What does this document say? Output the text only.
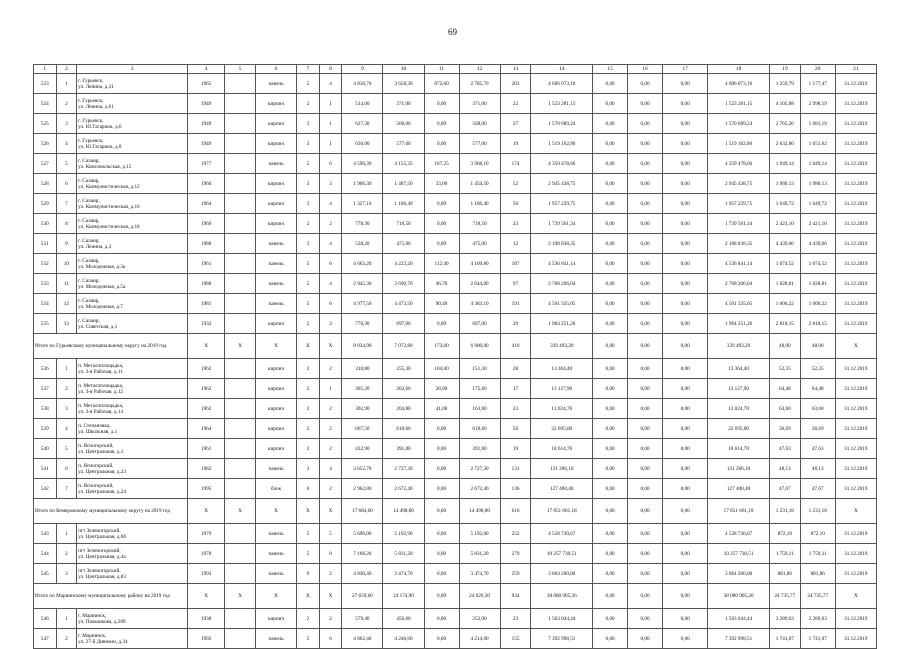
69
1	2	3	4	5	6	7	8	9	10	11	12	13	14	15	16	17	18	19	20	21
523	1	г. Гурьевск,
ул. Ленина, д.31	1965		панель	5	4	4 818,70	3 658,30	872,60	2 785,70	203	4 606 073,16	0,00	0,00	0,00	4 606 073,16	1 259,79	1 177,47	31.12.2019
524	2	г. Гурьевск,
ул. Ленина, д.61	1949		кирпич	2	1	514,60	371,00	0,00	371,00	22	1 523 281,15	0,00	0,00	0,00	1 523 281,15	4 105,88	2 998,19	31.12.2019
525	3	г. Гурьевск,
ул. Ю.Гагарина, д.6	1949		кирпич	3	1	627,30	568,00	0,00	568,00	27	1 570 689,24	0,00	0,00	0,00	1 570 689,24	2 765,26	1 681,19	31.12.2019
526	4	г. Гурьевск,
ул. Ю.Гагарина, д.8	1949		кирпич	3	1	636,00	577,00	0,00	577,00	19	1 519 162,86	0,00	0,00	0,00	1 519 162,86	2 632,86	1 651,62	31.12.2019
527	5	г. Салаир,
ул. Комсомольская, д.15	1977		панель	5	6	4 598,39	4 155,35	187,25	3 968,10	174	4 359 478,66	0,00	0,00	0,00	4 359 478,66	1 049,14	1 049,14	31.12.2019
528	6	г. Салаир,
ул. Коммунистическая, д.12	1960		кирпич	3	3	1 906,30	1 487,50	33,00	1 454,50	52	2 945 438,75	0,00	0,00	0,00	2 945 438,75	1 980,13	1 980,13	31.12.2019
529	7	г. Салаир,
ул. Коммунистическая, д.16	1964		кирпич	3	4	1 327,10	1 186,40	0,00	1 186,40	50	1 957 229,75	0,00	0,00	0,00	1 957 229,75	1 649,72	1 649,72	31.12.2019
530	8	г. Салаир,
ул. Коммунистическая, д.18	1969		кирпич	2	2	778,30	718,50	0,00	718,50	23	1 739 561,34	0,00	0,00	0,00	1 739 561,34	2 421,10	2 421,10	31.12.2019
531	9	г. Салаир,
ул. Ленина, д.3	1980		панель	3	4	538,20	475,00	0,00	475,00	12	2 108 838,35	0,00	0,00	0,00	2 108 838,35	4 439,66	4 439,66	31.12.2019
532	10	г. Салаир,
ул. Молодежная, д.3а	1961		панель	5	6	4 663,20	4 222,20	112,40	4 109,80	187	4 536 841,14	0,00	0,00	0,00	4 536 841,14	1 074,52	1 074,52	31.12.2019
533	11	г. Салаир,
ул. Молодежная, д.5а	1980		панель	5	4	2 942,30	2 690,70	46,70	2 644,00	97	2 768 206,04	0,00	0,00	0,00	2 768 206,04	1 028,81	1 028,81	31.12.2019
534	12	г. Салаир,
ул. Молодежная, д.7	1981		панель	5	6	4 977,50	4 473,50	90,40	4 383,10	191	4 501 335,05	0,00	0,00	0,00	4 501 335,05	1 006,22	1 006,22	31.12.2019
535	13	г. Салаир,
ул. Советская, д.1	1932		кирпич	2	3	770,30	697,00	0,00	697,00	29	1 964 251,26	0,00	0,00	0,00	1 964 251,26	2 818,15	2 818,15	31.12.2019
Итого по Гурьевскому муниципальному округу на 2019 год			X	X	X	X	X	8 034,90	7 072,80	173,00	6 900,00	410	339 493,20	0,00	0,00	0,00	339 493,20	48,00	48,00	X
536	1	п. Металлплощадка,
ул. 3-я Рабочая, д.11	1962		кирпич	2	2	310,80	255,30	104,00	151,30	28	13 364,40	0,00	0,00	0,00	13 364,40	52,35	52,35	31.12.2019
537	2	п. Металлплощадка,
ул. 3-я Рабочая, д.12	1962		кирпич	2	1	305,20	203,60	28,00	175,60	17	13 127,90	0,00	0,00	0,00	13 127,90	64,48	64,48	31.12.2019
538	3	п. Металлплощадка,
ул. 3-я Рабочая, д.14	1962		кирпич	2	2	302,90	204,80	41,00	163,80	23	13 024,70	0,00	0,00	0,00	13 024,70	63,60	63,60	31.12.2019
539	4	п. Степановка,
ул. Школьная, д.1	1964		кирпич	2	2	667,50	618,60	0,00	618,60	56	22 695,00	0,00	0,00	0,00	22 695,00	36,69	36,69	31.12.2019
540	5	п. Ясногорский,
ул. Центральная, д.1	1961		кирпич	2	2	432,90	391,80	0,00	391,80	19	18 614,70	0,00	0,00	0,00	18 614,70	47,63	47,63	31.12.2019
541	6	п. Ясногорский,
ул. Центральная, д.23	1982		панель	3	4	3 652,70	2 727,30	0,00	2 727,30	131	131 266,10	0,00	0,00	0,00	131 266,10	48,13	48,13	31.12.2019
542	7	п. Ясногорский,
ул. Центральная, д.24	1995		блок	6	2	2 962,80	2 672,40	0,00	2 672,40	136	127 400,40	0,00	0,00	0,00	127 400,40	47,67	47,67	31.12.2019
Итого по Кемеровскому муниципальному округу на 2019 год			X	X	X	X	X	17 684,60	14 498,80	0,00	14 498,80	616	17 851 661,18	0,00	0,00	0,00	17 851 661,18	1 231,18	1 231,18	X
543	1	пгт Зеленогорский,
ул. Центральная, д.6б	1979		панель	5	5	5 696,00	5 192,90	0,00	5 192,00	252	4 528 730,67	0,00	0,00	0,00	4 528 730,67	872,10	872,10	31.12.2019
544	2	пгт Зеленогорский,
ул. Центральная, д.4а	1978		панель	5	8	7 168,20	5 831,20	0,00	5 831,20	279	10 257 730,51	0,00	0,00	0,00	10 257 730,51	1 759,11	1 759,11	31.12.2019
545	3	пгт Зеленогорский,
ул. Центральная, д.83	1993		панель	9	2	4 830,40	3 474,70	0,00	3 474,70	259	3 064 200,00	0,00	0,00	0,00	3 064 200,00	881,86	881,86	31.12.2019
Итого по Мариинскому муниципальному району на 2019 год			X	X	X	X	X	27 659,60	24 174,90	0,00	24 026,30	934	38 080 905,26	0,00	0,00	0,00	38 080 905,26	24 735,77	24 735,77	X
546	1	г. Мариинск,
ул. Пальчикова, д.28б	1938		кирпич	2	2	579,40	456,60	0,00	252,00	23	1 503 044,44	0,00	0,00	0,00	1 503 044,44	3 289,63	3 289,63	31.12.2019
547	2	г. Мариинск,
ул. 27-й Дивизии, д.34	1992		панель	5	6	4 862,40	4 246,60	0,00	4 214,00	155	7 392 998,51	0,00	0,00	0,00	7 392 998,51	1 741,07	1 741,07	31.12.2019
